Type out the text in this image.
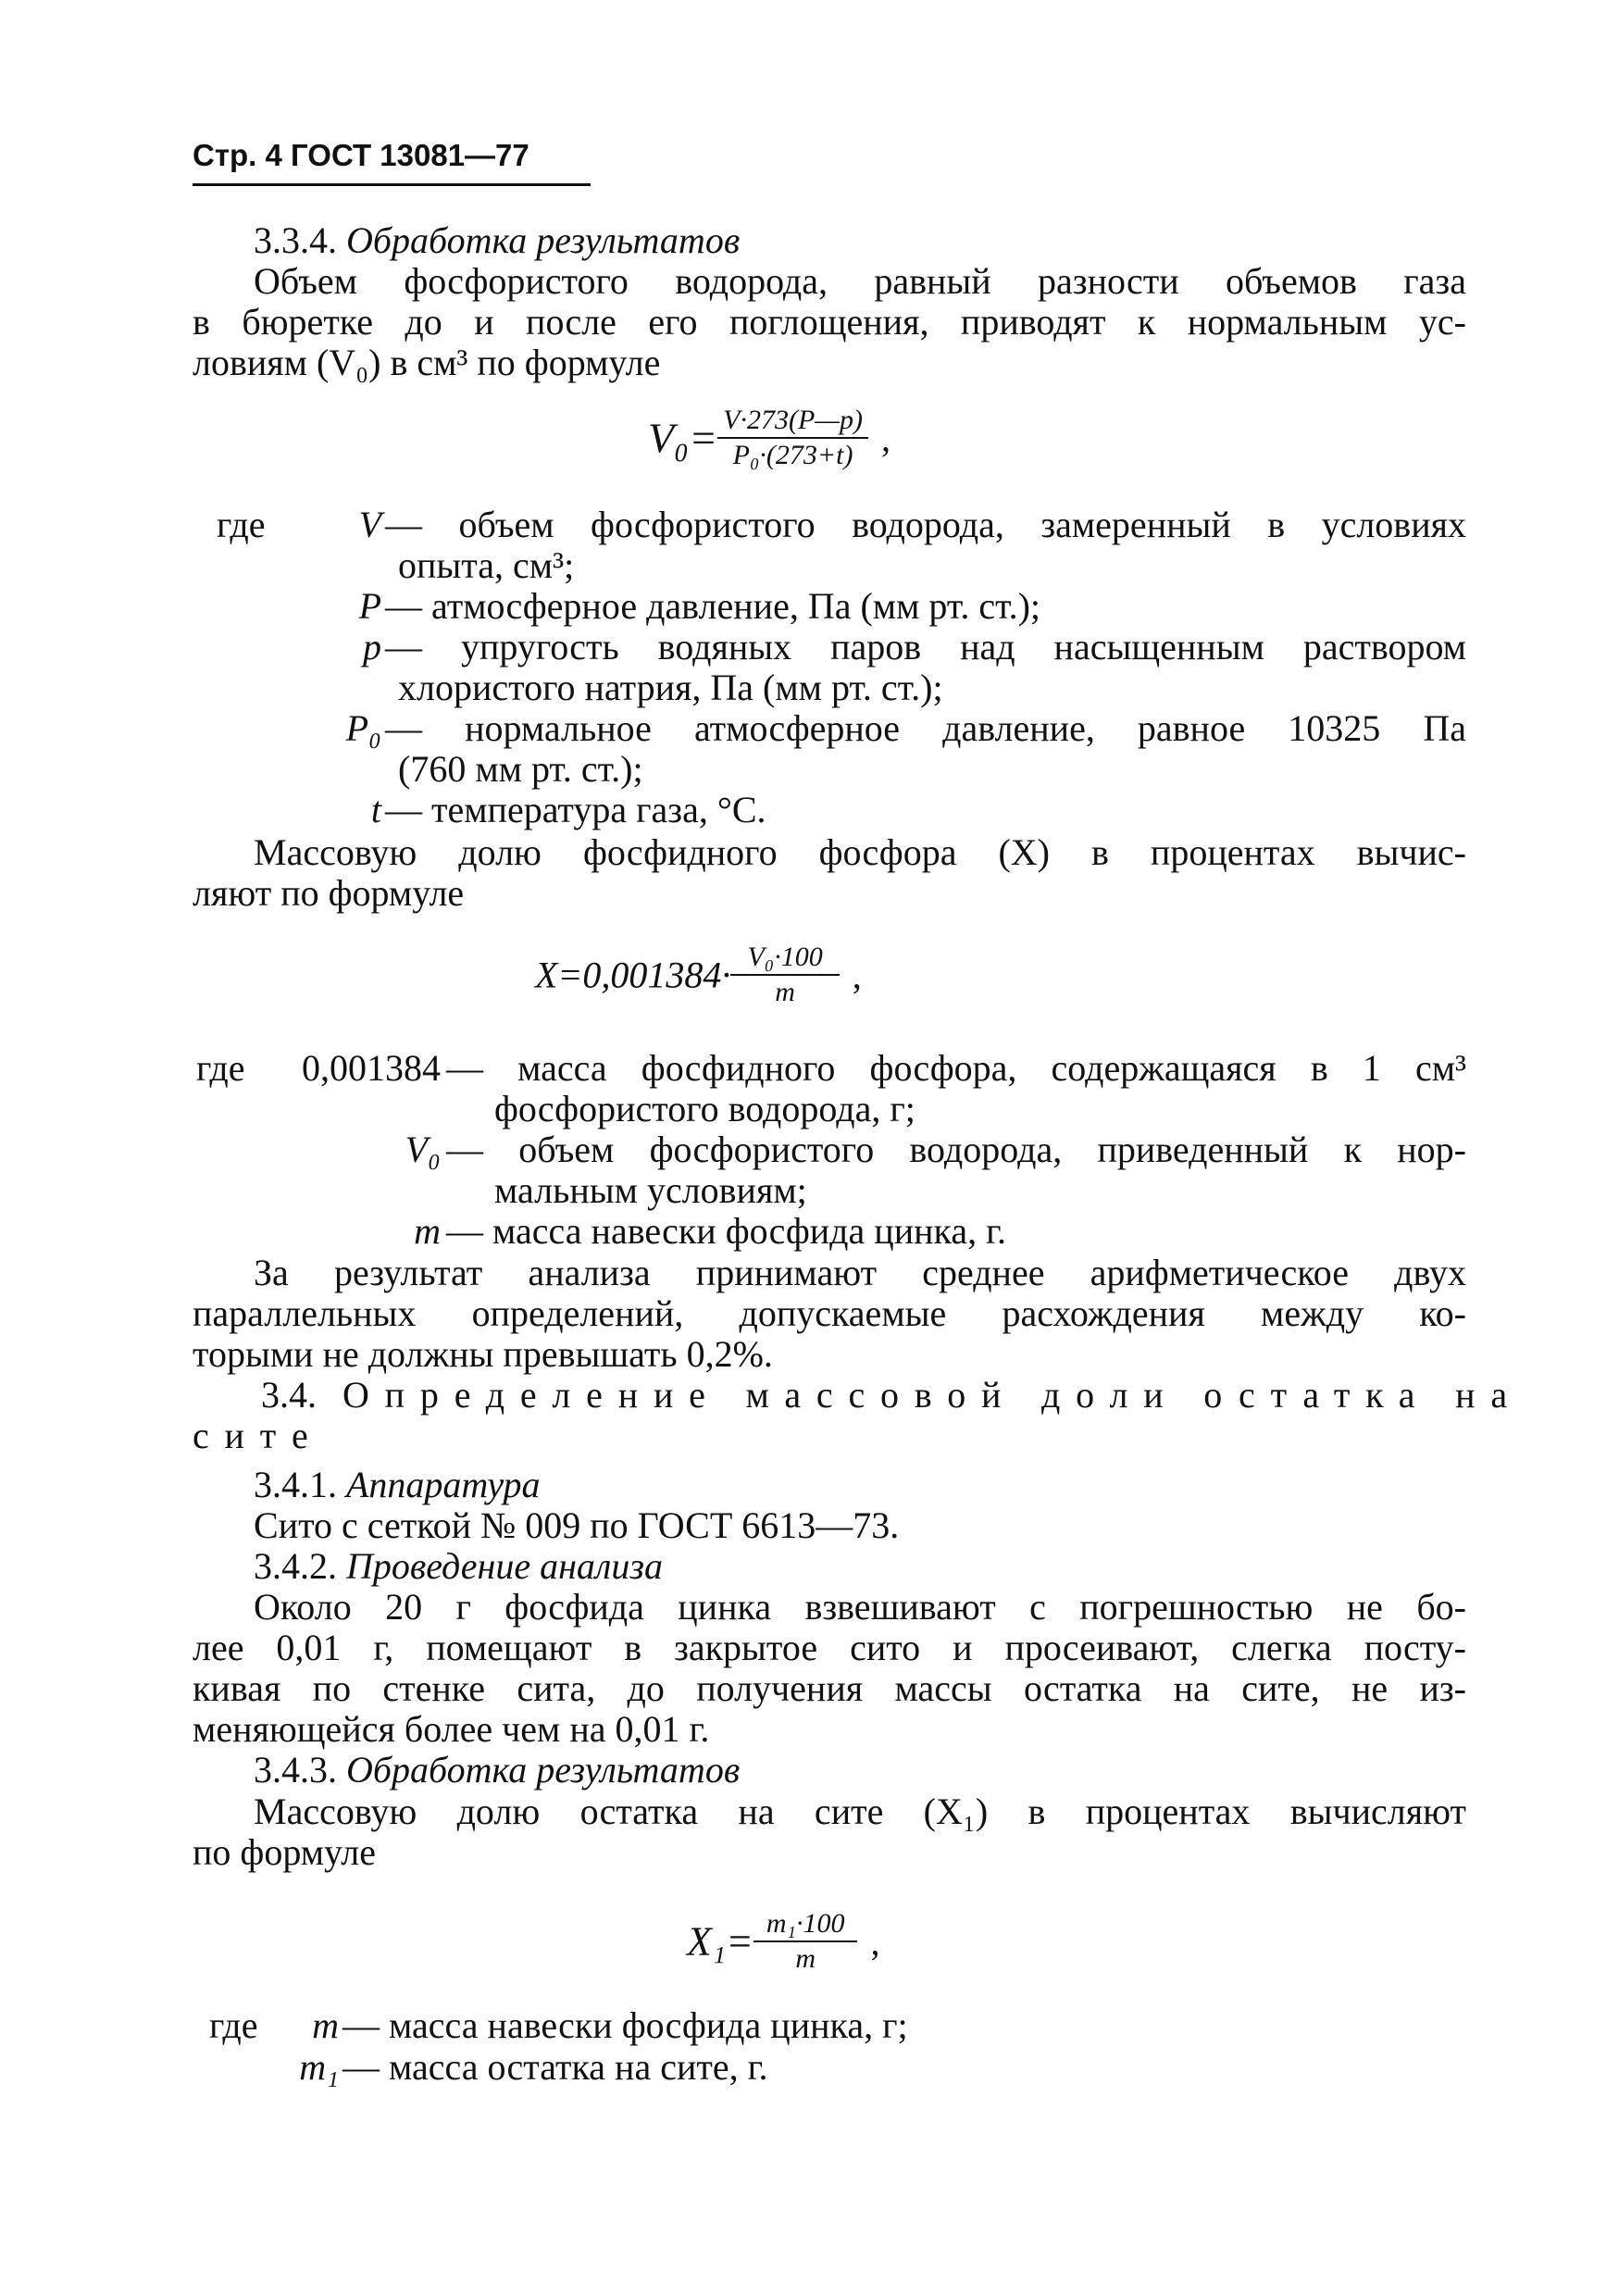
Стр. 4 ГОСТ 13081—77
3.3.4. Обработка результатов
Объем фосфористого водорода, равный разности объемов газа
в бюретке до и после его поглощения, приводят к нормальным ус-
ловиям (V₀) в см³ по формуле
$V_0= \frac{V\cdot 273(P—p)}{\text{P₀·(273+t)}}$ ,
где	V — объем фосфористого водорода, замеренный в условиях
опыта, см³;
P — атмосферное давление, Па (мм рт. ст.);
p — упругость водяных паров над насыщенным раствором
хлористого натрия, Па (мм рт. ст.);
P₀ — нормальное атмосферное давление, равное 10325 Па
(760 мм рт. ст.);
t — температура газа, °C.
Массовую долю фосфидного фосфора (X) в процентах вычис-
ляют по формуле
$X=0,001384\cdot \frac{\text{V₀·100}}{m}$ ,
где	0,001384 — масса фосфидного фосфора, содержащаяся в 1 см³
фосфористого водорода, г;
V₀ — объем фосфористого водорода, приведенный к нор-
мальным условиям;
m — масса навески фосфида цинка, г.
За результат анализа принимают среднее арифметическое двух
параллельных определений, допускаемые расхождения между ко-
торыми не должны превышать 0,2%.
3.4. Определение массовой доли остатка на
сите
3.4.1. Аппаратура
Сито с сеткой № 009 по ГОСТ 6613—73.
3.4.2. Проведение анализа
Около 20 г фосфида цинка взвешивают с погрешностью не бо-
лее 0,01 г, помещают в закрытое сито и просеивают, слегка посту-
кивая по стенке сита, до получения массы остатка на сите, не из-
меняющейся более чем на 0,01 г.
3.4.3. Обработка результатов
Массовую долю остатка на сите (X₁) в процентах вычисляют
по формуле
$X_1= \frac{\text{m₁·100}}{m}$ ,
где	m — масса навески фосфида цинка, г;
m₁ — масса остатка на сите, г.
